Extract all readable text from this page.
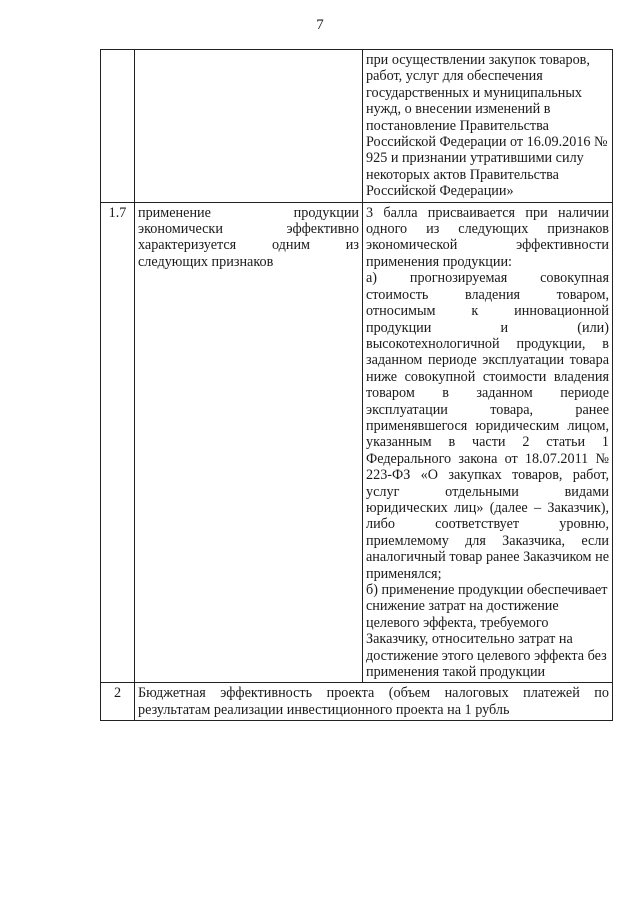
7

		при осуществлении закупок товаров, работ, услуг для обеспечения государственных и муниципальных нужд, о внесении изменений в постановление Правительства Российской Федерации от 16.09.2016 № 925 и признании утратившими силу некоторых актов Правительства Российской Федерации»

1.7	применение продукции экономически эффективно характеризуется одним из следующих признаков	3 балла присваивается при наличии одного из следующих признаков экономической эффективности применения продукции:

а) прогнозируемая совокупная стоимость владения товаром, относимым к инновационной продукции и (или) высокотехнологичной продукции, в заданном периоде эксплуатации товара ниже совокупной стоимости владения товаром в заданном периоде эксплуатации товара, ранее применявшегося юридическим лицом, указанным в части 2 статьи 1 Федерального закона от 18.07.2011 № 223-ФЗ «О закупках товаров, работ, услуг отдельными видами юридических лиц» (далее – Заказчик), либо соответствует уровню, приемлемому для Заказчика, если аналогичный товар ранее Заказчиком не применялся;

б) применение продукции обеспечивает снижение затрат на достижение целевого эффекта, требуемого Заказчику, относительно затрат на достижение этого целевого эффекта без применения такой продукции

2	Бюджетная эффективность проекта (объем налоговых платежей по результатам реализации инвестиционного проекта на 1 рубль	
